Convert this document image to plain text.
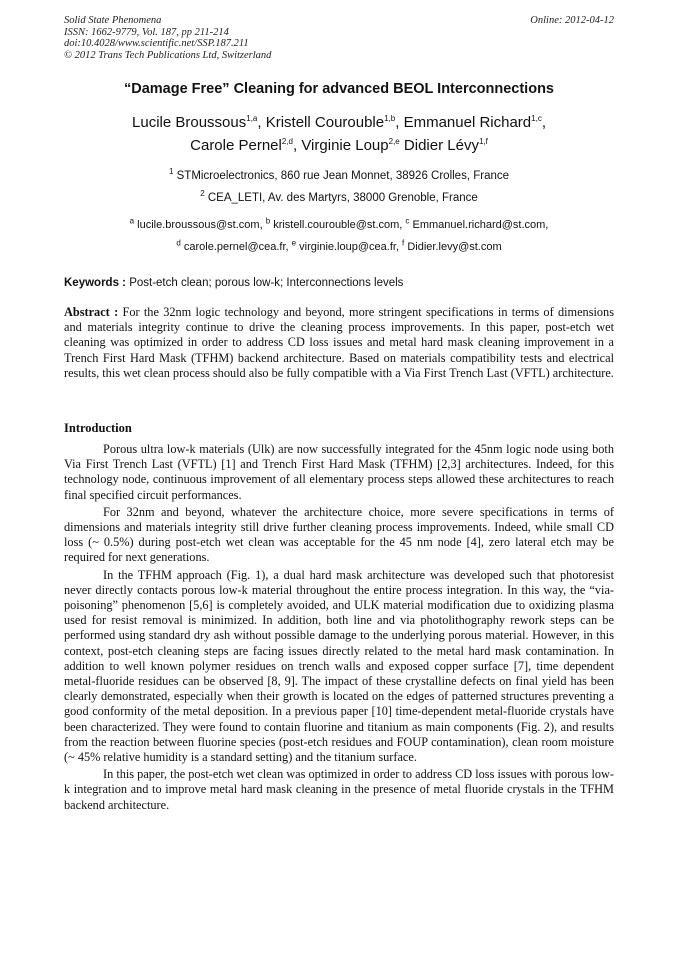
Solid State Phenomena
ISSN: 1662-9779, Vol. 187, pp 211-214
doi:10.4028/www.scientific.net/SSP.187.211
© 2012 Trans Tech Publications Ltd, Switzerland
Online: 2012-04-12
“Damage Free” Cleaning for advanced BEOL Interconnections
Lucile Broussous$^{1,a}$, Kristell Courouble$^{1,b}$, Emmanuel Richard$^{1,c}$,
Carole Pernel$^{2,d}$, Virginie Loup$^{2,e}$ Didier Lévy$^{1,f}$
$^1$ STMicroelectronics, 860 rue Jean Monnet, 38926 Crolles, France
$^2$ CEA_LETI, Av. des Martyrs, 38000 Grenoble, France
$^a$ lucile.broussous@st.com, $^b$ kristell.courouble@st.com, $^c$ Emmanuel.richard@st.com,
$^d$ carole.pernel@cea.fr, $^e$ virginie.loup@cea.fr, $^f$ Didier.levy@st.com
Keywords : Post-etch clean; porous low-k; Interconnections levels
Abstract : For the 32nm logic technology and beyond, more stringent specifications in terms of dimensions and materials integrity continue to drive the cleaning process improvements. In this paper, post-etch wet cleaning was optimized in order to address CD loss issues and metal hard mask cleaning improvement in a Trench First Hard Mask (TFHM) backend architecture. Based on materials compatibility tests and electrical results, this wet clean process should also be fully compatible with a Via First Trench Last (VFTL) architecture.
Introduction

Porous ultra low-k materials (Ulk) are now successfully integrated for the 45nm logic node using both Via First Trench Last (VFTL) [1] and Trench First Hard Mask (TFHM) [2,3] architectures. Indeed, for this technology node, continuous improvement of all elementary process steps allowed these architectures to reach final specified circuit performances.

For 32nm and beyond, whatever the architecture choice, more severe specifications in terms of dimensions and materials integrity still drive further cleaning process improvements. Indeed, while small CD loss (~ 0.5%) during post-etch wet clean was acceptable for the 45 nm node [4], zero lateral etch may be required for next generations.

In the TFHM approach (Fig. 1), a dual hard mask architecture was developed such that photoresist never directly contacts porous low-k material throughout the entire process integration. In this way, the “via-poisoning” phenomenon [5,6] is completely avoided, and ULK material modification due to oxidizing plasma used for resist removal is minimized. In addition, both line and via photolithography rework steps can be performed using standard dry ash without possible damage to the underlying porous material. However, in this context, post-etch cleaning steps are facing issues directly related to the metal hard mask contamination. In addition to well known polymer residues on trench walls and exposed copper surface [7], time dependent metal-fluoride residues can be observed [8, 9]. The impact of these crystalline defects on final yield has been clearly demonstrated, especially when their growth is located on the edges of patterned structures preventing a good conformity of the metal deposition. In a previous paper [10] time-dependent metal-fluoride crystals have been characterized. They were found to contain fluorine and titanium as main components (Fig. 2), and results from the reaction between fluorine species (post-etch residues and FOUP contamination), clean room moisture (~ 45% relative humidity is a standard setting) and the titanium surface.

In this paper, the post-etch wet clean was optimized in order to address CD loss issues with porous low-k integration and to improve metal hard mask cleaning in the presence of metal fluoride crystals in the TFHM backend architecture.
